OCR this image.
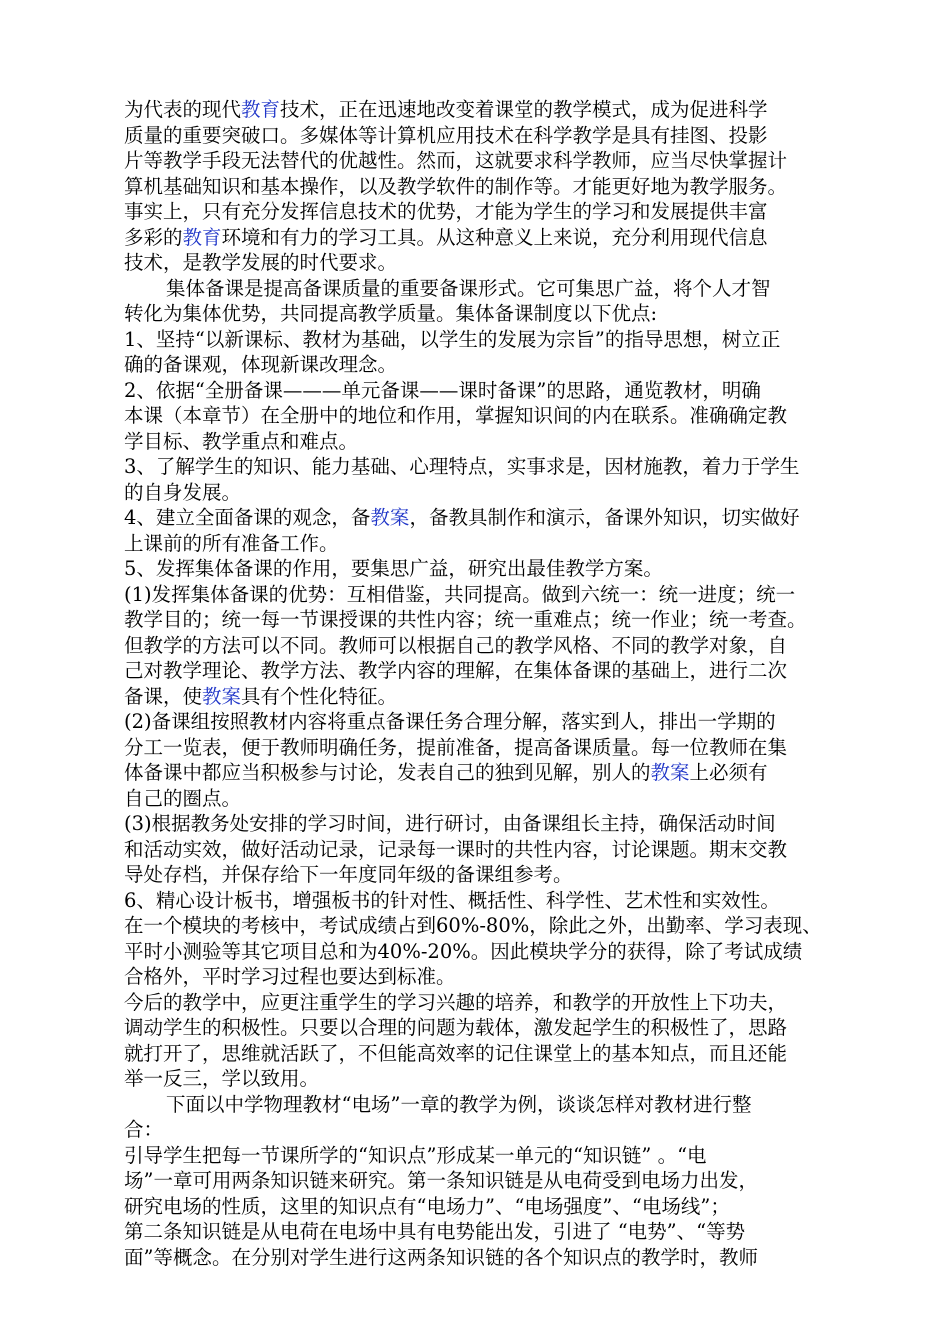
为代表的现代教育技术，正在迅速地改变着课堂的教学模式，成为促进科学
质量的重要突破口。多媒体等计算机应用技术在科学教学是具有挂图、投影
片等教学手段无法替代的优越性。然而，这就要求科学教师，应当尽快掌握计
算机基础知识和基本操作，以及教学软件的制作等。才能更好地为教学服务。
事实上，只有充分发挥信息技术的优势，才能为学生的学习和发展提供丰富
多彩的教育环境和有力的学习工具。从这种意义上来说，充分利用现代信息
技术，是教学发展的时代要求。
集体备课是提高备课质量的重要备课形式。它可集思广益，将个人才智
转化为集体优势，共同提高教学质量。集体备课制度以下优点:
1、坚持“以新课标、教材为基础，以学生的发展为宗旨”的指导思想，树立正
确的备课观，体现新课改理念。
2、依据“全册备课———单元备课——课时备课”的思路，通览教材，明确
本课（本章节）在全册中的地位和作用，掌握知识间的内在联系。准确确定教
学目标、教学重点和难点。
3、了解学生的知识、能力基础、心理特点，实事求是，因材施教，着力于学生
的自身发展。
4、建立全面备课的观念，备教案，备教具制作和演示，备课外知识，切实做好
上课前的所有准备工作。
5、发挥集体备课的作用，要集思广益，研究出最佳教学方案。
(1)发挥集体备课的优势：互相借鉴，共同提高。做到六统一：统一进度；统一
教学目的；统一每一节课授课的共性内容；统一重难点；统一作业；统一考查。
但教学的方法可以不同。教师可以根据自己的教学风格、不同的教学对象，自
己对教学理论、教学方法、教学内容的理解，在集体备课的基础上，进行二次
备课，使教案具有个性化特征。
(2)备课组按照教材内容将重点备课任务合理分解，落实到人，排出一学期的
分工一览表，便于教师明确任务，提前准备，提高备课质量。每一位教师在集
体备课中都应当积极参与讨论，发表自己的独到见解，别人的教案上必须有
自己的圈点。
(3)根据教务处安排的学习时间，进行研讨，由备课组长主持，确保活动时间
和活动实效，做好活动记录，记录每一课时的共性内容，讨论课题。期末交教
导处存档，并保存给下一年度同年级的备课组参考。
6、精心设计板书，增强板书的针对性、概括性、科学性、艺术性和实效性。
在一个模块的考核中，考试成绩占到60%-80%，除此之外，出勤率、学习表现、
平时小测验等其它项目总和为40%-20%。因此模块学分的获得，除了考试成绩
合格外，平时学习过程也要达到标准。
今后的教学中，应更注重学生的学习兴趣的培养，和教学的开放性上下功夫，
调动学生的积极性。只要以合理的问题为载体，激发起学生的积极性了，思路
就打开了，思维就活跃了，不但能高效率的记住课堂上的基本知点，而且还能
举一反三，学以致用。
下面以中学物理教材“电场”一章的教学为例，谈谈怎样对教材进行整
合：
引导学生把每一节课所学的“知识点”形成某一单元的“知识链” 。“电
场”一章可用两条知识链来研究。第一条知识链是从电荷受到电场力出发，
研究电场的性质，这里的知识点有“电场力”、“电场强度”、“电场线”；
第二条知识链是从电荷在电场中具有电势能出发，引进了 “电势”、“等势
面”等概念。在分别对学生进行这两条知识链的各个知识点的教学时，教师
